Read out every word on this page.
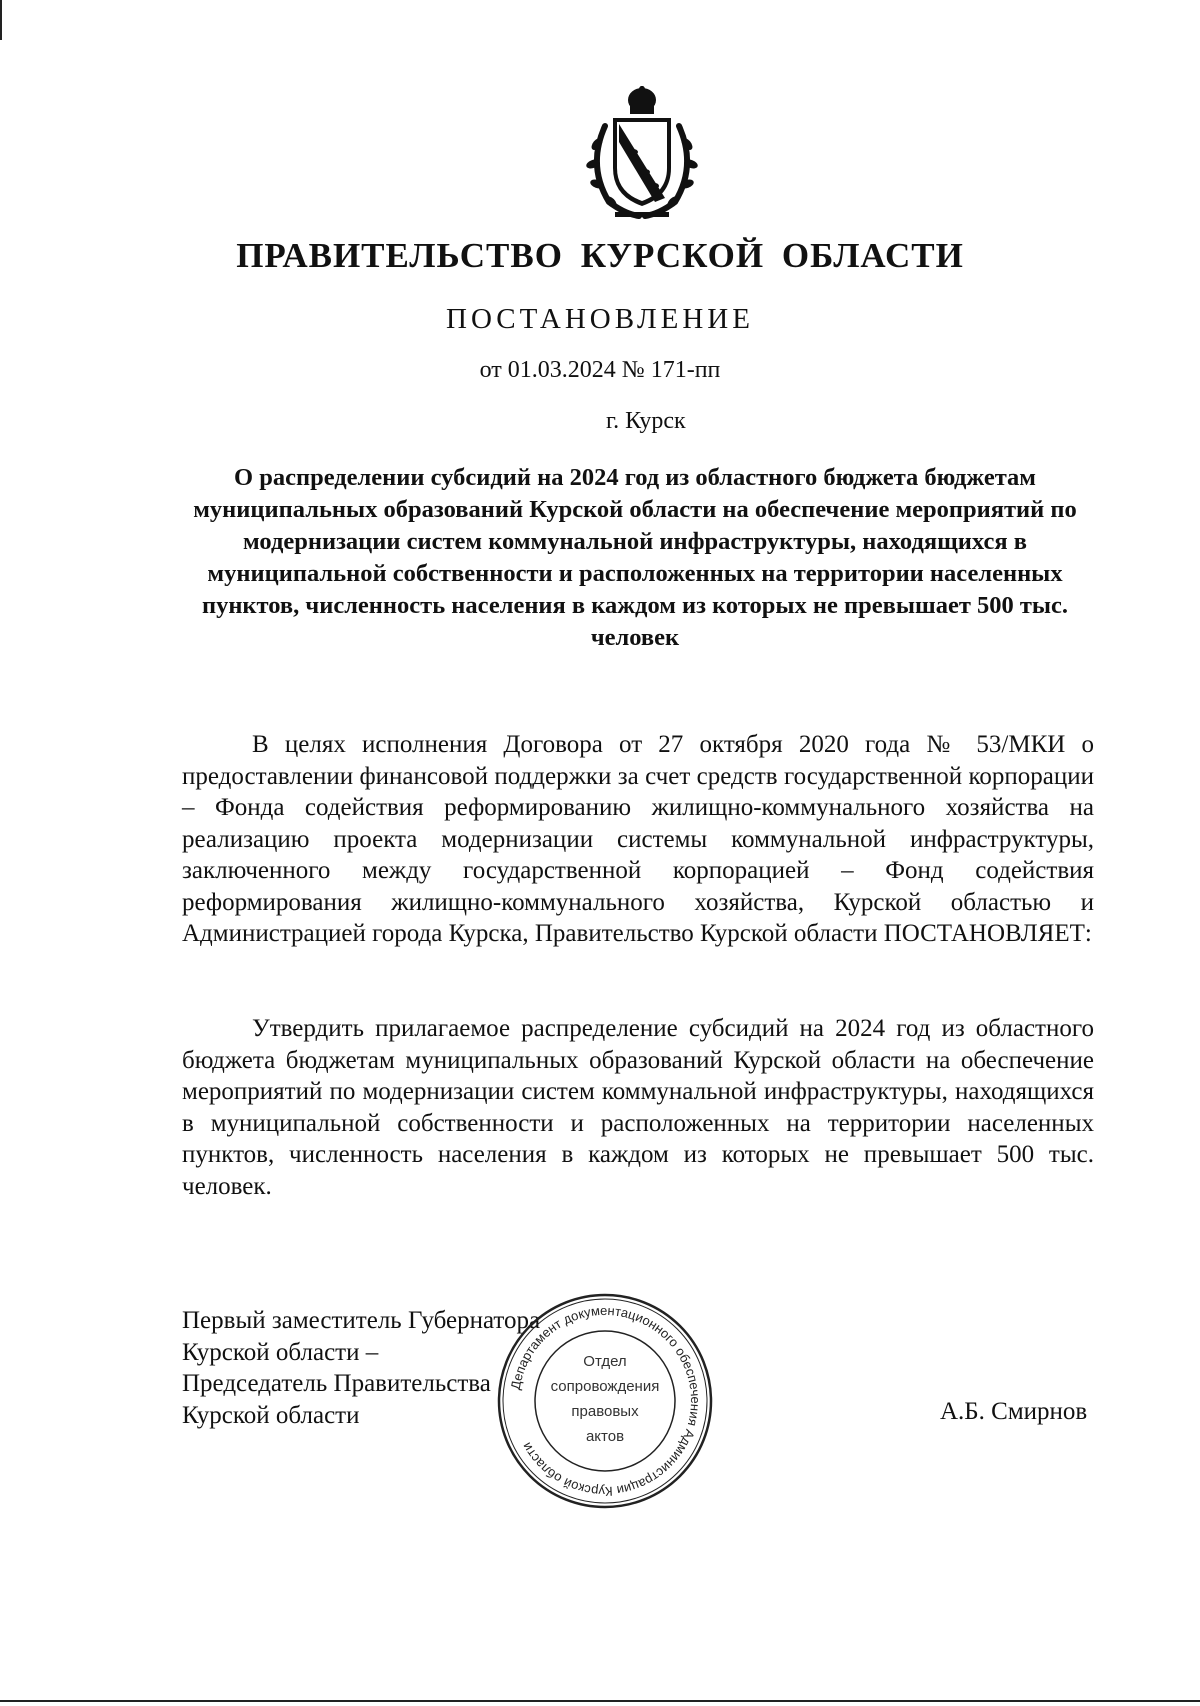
ПРАВИТЕЛЬСТВО КУРСКОЙ ОБЛАСТИ
ПОСТАНОВЛЕНИЕ
от 01.03.2024 № 171-пп
г. Курск
О распределении субсидий на 2024 год из областного бюджета бюджетам муниципальных образований Курской области на обеспечение мероприятий по модернизации систем коммунальной инфраструктуры, находящихся в муниципальной собственности и расположенных на территории населенных пунктов, численность населения в каждом из которых не превышает 500 тыс. человек
В целях исполнения Договора от 27 октября 2020 года № 53/МКИ о предоставлении финансовой поддержки за счет средств государственной корпорации – Фонда содействия реформированию жилищно-коммунального хозяйства на реализацию проекта модернизации системы коммунальной инфраструктуры, заключенного между государственной корпорацией – Фонд содействия реформирования жилищно-коммунального хозяйства, Курской областью и Администрацией города Курска, Правительство Курской области ПОСТАНОВЛЯЕТ:
Утвердить прилагаемое распределение субсидий на 2024 год из областного бюджета бюджетам муниципальных образований Курской области на обеспечение мероприятий по модернизации систем коммунальной инфраструктуры, находящихся в муниципальной собственности и расположенных на территории населенных пунктов, численность населения в каждом из которых не превышает 500 тыс. человек.
Первый заместитель Губернатора
Курской области –
Председатель Правительства
Курской области	А.Б. Смирнов
Департамент документационного обеспечения Администрации Курской области
Отдел
сопровождения
правовых
актов
